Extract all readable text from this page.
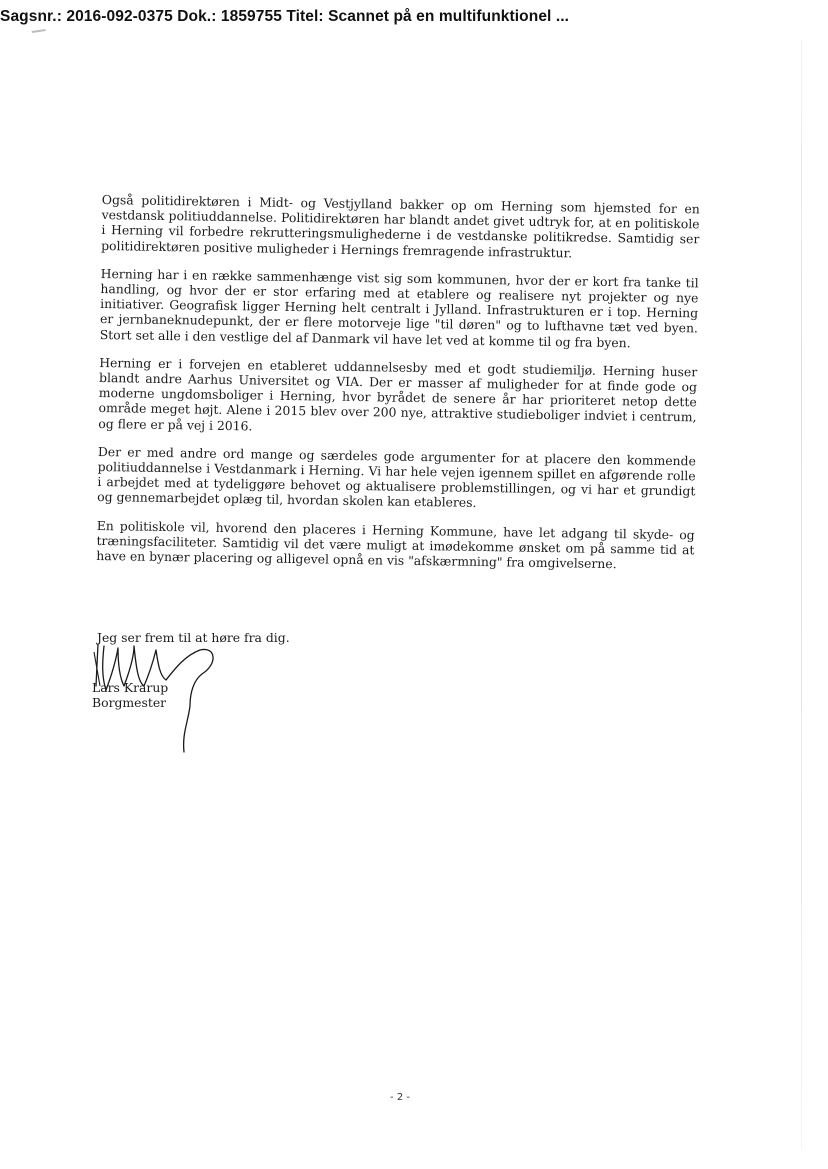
Sagsnr.: 2016-092-0375 Dok.: 1859755 Titel: Scannet på en multifunktionel ...

Også politidirektøren i Midt- og Vestjylland bakker op om Herning som hjemsted for en vestdansk politiuddannelse. Politidirektøren har blandt andet givet udtryk for, at en politiskole i Herning vil forbedre rekrutteringsmulighederne i de vestdanske politikredse. Samtidig ser politidirektøren positive muligheder i Hernings fremragende infrastruktur.

Herning har i en række sammenhænge vist sig som kommunen, hvor der er kort fra tanke til handling, og hvor der er stor erfaring med at etablere og realisere nyt projekter og nye initiativer. Geografisk ligger Herning helt centralt i Jylland. Infrastrukturen er i top. Herning er jernbaneknudepunkt, der er flere motorveje lige "til døren" og to lufthavne tæt ved byen. Stort set alle i den vestlige del af Danmark vil have let ved at komme til og fra byen.

Herning er i forvejen en etableret uddannelsesby med et godt studiemiljø. Herning huser blandt andre Aarhus Universitet og VIA. Der er masser af muligheder for at finde gode og moderne ungdomsboliger i Herning, hvor byrådet de senere år har prioriteret netop dette område meget højt. Alene i 2015 blev over 200 nye, attraktive studieboliger indviet i centrum, og flere er på vej i 2016.

Der er med andre ord mange og særdeles gode argumenter for at placere den kommende politiuddannelse i Vestdanmark i Herning. Vi har hele vejen igennem spillet en afgørende rolle i arbejdet med at tydeliggøre behovet og aktualisere problemstillingen, og vi har et grundigt og gennemarbejdet oplæg til, hvordan skolen kan etableres.

En politiskole vil, hvorend den placeres i Herning Kommune, have let adgang til skyde- og træningsfaciliteter. Samtidig vil det være muligt at imødekomme ønsket om på samme tid at have en bynær placering og alligevel opnå en vis "afskærmning" fra omgivelserne.

Jeg ser frem til at høre fra dig.
Lars Krarup
Borgmester
- 2 -
